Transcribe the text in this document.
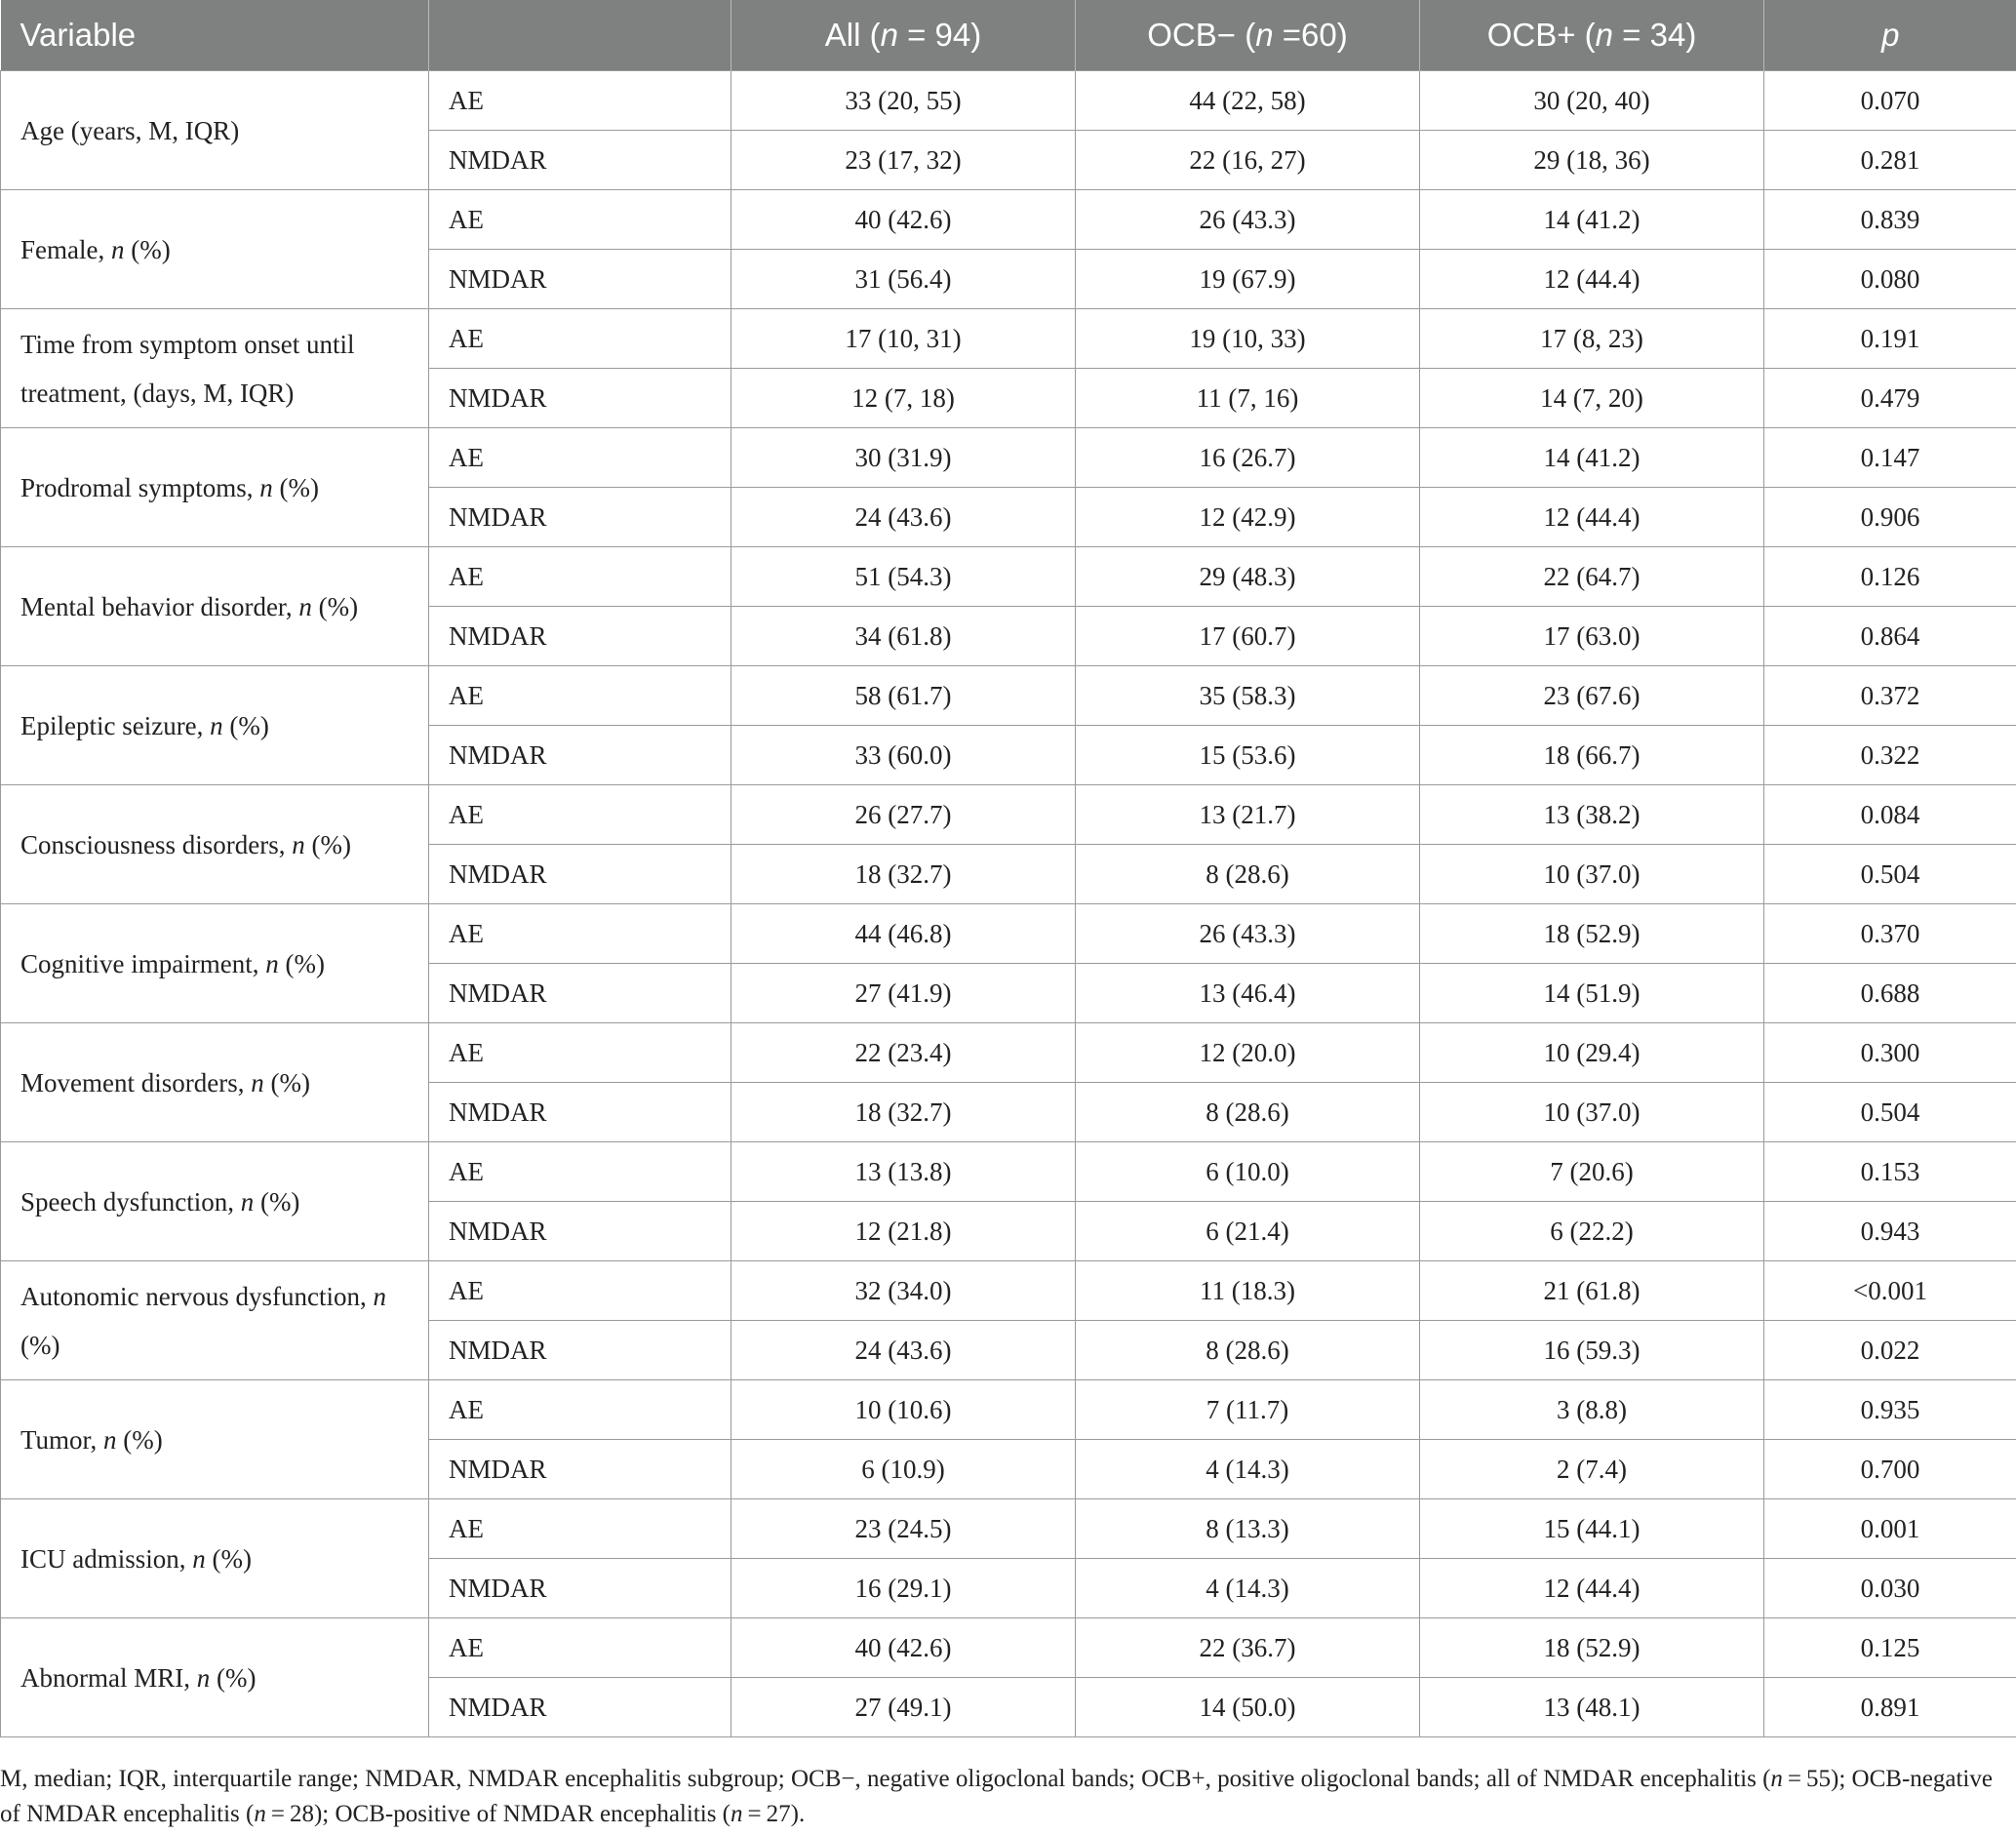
Variable		All (n = 94)	OCB− (n =60)	OCB+ (n = 34)	p
Age (years, M, IQR)	AE	33 (20, 55)	44 (22, 58)	30 (20, 40)	0.070
	NMDAR	23 (17, 32)	22 (16, 27)	29 (18, 36)	0.281
Female, n (%)	AE	40 (42.6)	26 (43.3)	14 (41.2)	0.839
	NMDAR	31 (56.4)	19 (67.9)	12 (44.4)	0.080
Time from symptom onset until treatment, (days, M, IQR)	AE	17 (10, 31)	19 (10, 33)	17 (8, 23)	0.191
	NMDAR	12 (7, 18)	11 (7, 16)	14 (7, 20)	0.479
Prodromal symptoms, n (%)	AE	30 (31.9)	16 (26.7)	14 (41.2)	0.147
	NMDAR	24 (43.6)	12 (42.9)	12 (44.4)	0.906
Mental behavior disorder, n (%)	AE	51 (54.3)	29 (48.3)	22 (64.7)	0.126
	NMDAR	34 (61.8)	17 (60.7)	17 (63.0)	0.864
Epileptic seizure, n (%)	AE	58 (61.7)	35 (58.3)	23 (67.6)	0.372
	NMDAR	33 (60.0)	15 (53.6)	18 (66.7)	0.322
Consciousness disorders, n (%)	AE	26 (27.7)	13 (21.7)	13 (38.2)	0.084
	NMDAR	18 (32.7)	8 (28.6)	10 (37.0)	0.504
Cognitive impairment, n (%)	AE	44 (46.8)	26 (43.3)	18 (52.9)	0.370
	NMDAR	27 (41.9)	13 (46.4)	14 (51.9)	0.688
Movement disorders, n (%)	AE	22 (23.4)	12 (20.0)	10 (29.4)	0.300
	NMDAR	18 (32.7)	8 (28.6)	10 (37.0)	0.504
Speech dysfunction, n (%)	AE	13 (13.8)	6 (10.0)	7 (20.6)	0.153
	NMDAR	12 (21.8)	6 (21.4)	6 (22.2)	0.943
Autonomic nervous dysfunction, n (%)	AE	32 (34.0)	11 (18.3)	21 (61.8)	<0.001
	NMDAR	24 (43.6)	8 (28.6)	16 (59.3)	0.022
Tumor, n (%)	AE	10 (10.6)	7 (11.7)	3 (8.8)	0.935
	NMDAR	6 (10.9)	4 (14.3)	2 (7.4)	0.700
ICU admission, n (%)	AE	23 (24.5)	8 (13.3)	15 (44.1)	0.001
	NMDAR	16 (29.1)	4 (14.3)	12 (44.4)	0.030
Abnormal MRI, n (%)	AE	40 (42.6)	22 (36.7)	18 (52.9)	0.125
	NMDAR	27 (49.1)	14 (50.0)	13 (48.1)	0.891
M, median; IQR, interquartile range; NMDAR, NMDAR encephalitis subgroup; OCB−, negative oligoclonal bands; OCB+, positive oligoclonal bands; all of NMDAR encephalitis (n = 55); OCB-negative of NMDAR encephalitis (n = 28); OCB-positive of NMDAR encephalitis (n = 27).
